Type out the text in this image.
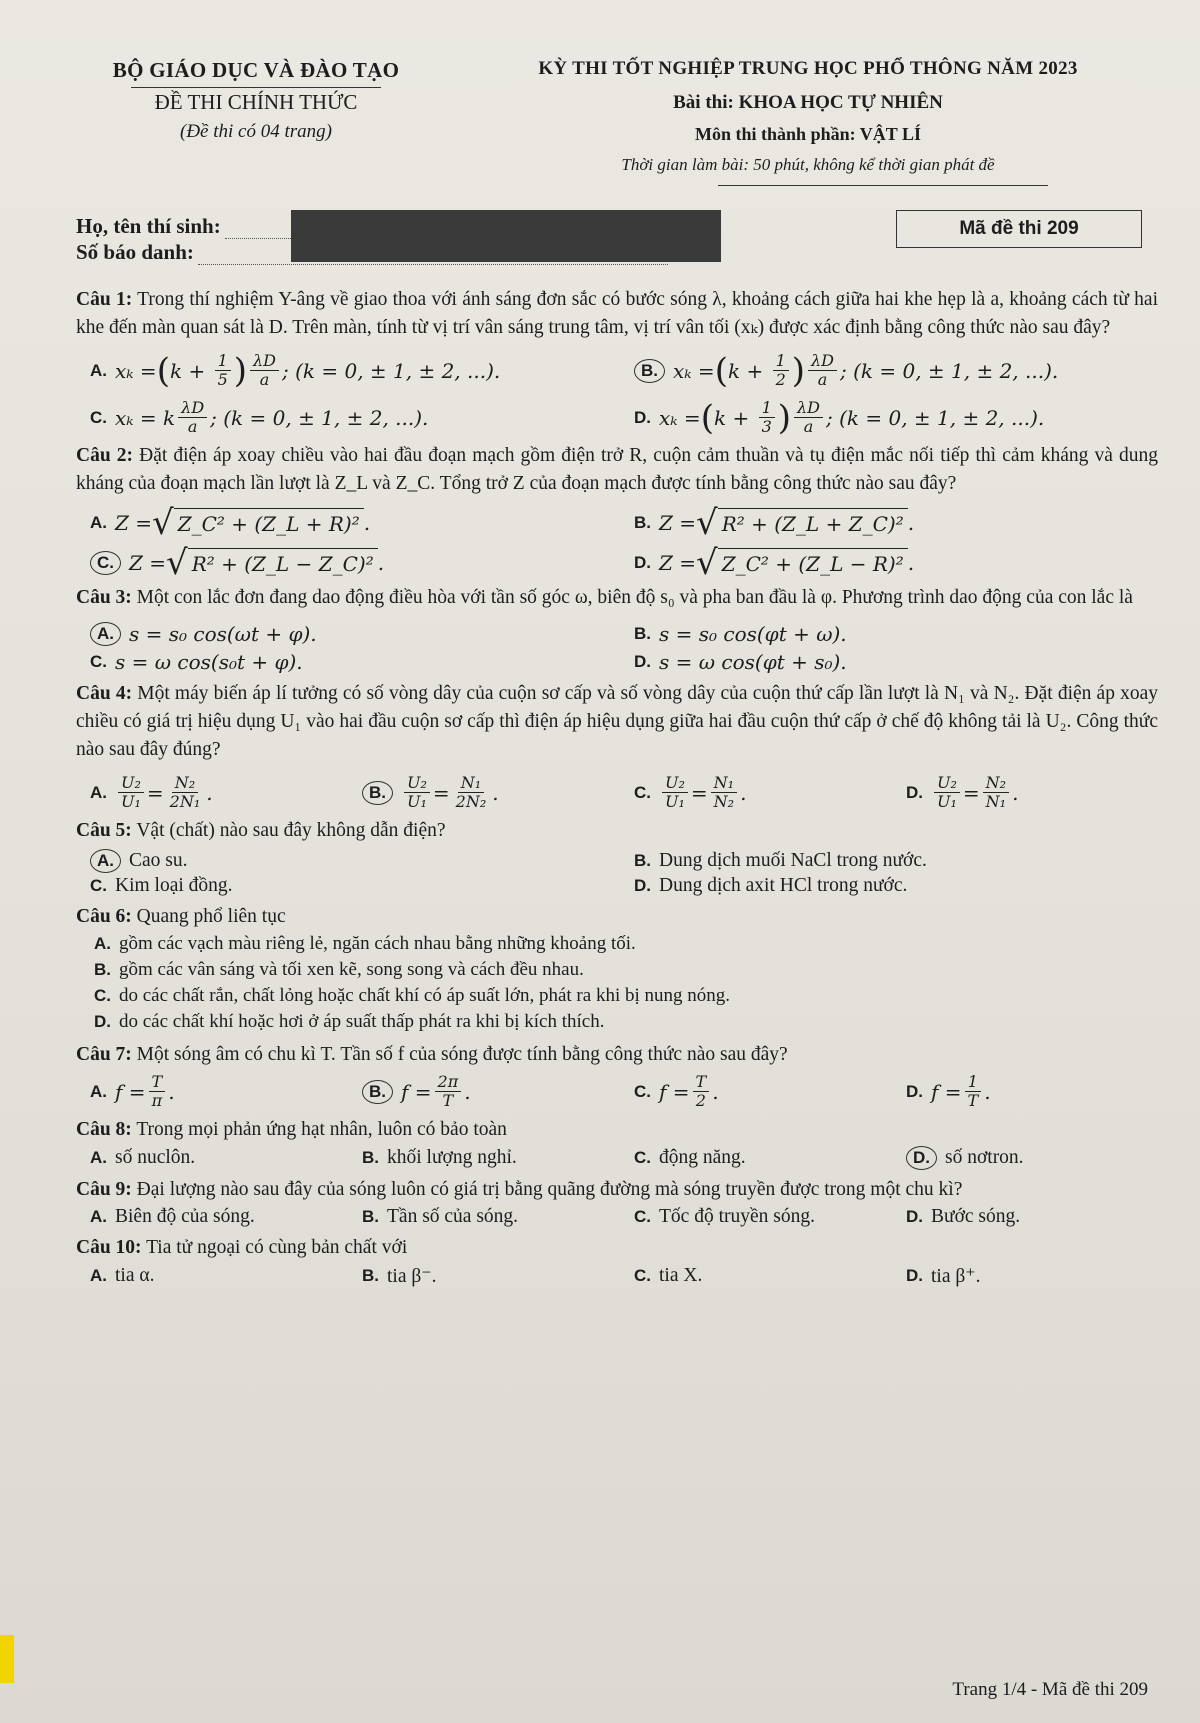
BỘ GIÁO DỤC VÀ ĐÀO TẠO
ĐỀ THI CHÍNH THỨC
(Đề thi có 04 trang)
KỲ THI TỐT NGHIỆP TRUNG HỌC PHỔ THÔNG NĂM 2023
Bài thi: KHOA HỌC TỰ NHIÊN
Môn thi thành phần: VẬT LÍ
Thời gian làm bài: 50 phút, không kể thời gian phát đề
Họ, tên thí sinh:
Số báo danh:
Mã đề thi 209
Câu 1: Trong thí nghiệm Y-âng về giao thoa với ánh sáng đơn sắc có bước sóng λ, khoảng cách giữa hai khe hẹp là a, khoảng cách từ hai khe đến màn quan sát là D. Trên màn, tính từ vị trí vân sáng trung tâm, vị trí vân tối (xₖ) được xác định bằng công thức nào sau đây?
A. xₖ = ( $k + \frac{1}{5}$ ) $\frac{\lambda D}{a}$ ; (k = 0, ± 1, ± 2, ...).	B. xₖ = ( $k + \frac{1}{2}$ ) $\frac{\lambda D}{a}$ ; (k = 0, ± 1, ± 2, ...).
C. xₖ = k $\frac{\lambda D}{a}$ ; (k = 0, ± 1, ± 2, ...).	D. xₖ = ( $k + \frac{1}{3}$ ) $\frac{\lambda D}{a}$ ; (k = 0, ± 1, ± 2, ...).
Câu 2: Đặt điện áp xoay chiều vào hai đầu đoạn mạch gồm điện trở R, cuộn cảm thuần và tụ điện mắc nối tiếp thì cảm kháng và dung kháng của đoạn mạch lần lượt là Z_L và Z_C. Tổng trở Z của đoạn mạch được tính bằng công thức nào sau đây?
A. Z = √ Z_C² + (Z_L + R)² .	B. Z = √ R² + (Z_L + Z_C)² .
C. Z = √ R² + (Z_L − Z_C)² .	D. Z = √ Z_C² + (Z_L − R)² .
Câu 3: Một con lắc đơn đang dao động điều hòa với tần số góc ω, biên độ s₀ và pha ban đầu là φ. Phương trình dao động của con lắc là
A. s = s₀ cos(ωt + φ).	B. s = s₀ cos(φt + ω).
C. s = ω cos(s₀t + φ).	D. s = ω cos(φt + s₀).
Câu 4: Một máy biến áp lí tưởng có số vòng dây của cuộn sơ cấp và số vòng dây của cuộn thứ cấp lần lượt là N₁ và N₂. Đặt điện áp xoay chiều có giá trị hiệu dụng U₁ vào hai đầu cuộn sơ cấp thì điện áp hiệu dụng giữa hai đầu cuộn thứ cấp ở chế độ không tải là U₂. Công thức nào sau đây đúng?
A. $\frac{\text{U₂}}{\text{U₁}} = \frac{\text{N₂}}{\text{2N₁}}$ .	B.	$\frac{\text{U₂}}{\text{U₁}} = \frac{\text{N₁}}{\text{2N₂}}$ .	C. $\frac{\text{U₂}}{\text{U₁}} = \frac{\text{N₁}}{\text{N₂}}$ .	D. $\frac{\text{U₂}}{\text{U₁}} = \frac{\text{N₂}}{\text{N₁}}$ .
Câu 5: Vật (chất) nào sau đây không dẫn điện?
A. Cao su.	B. Dung dịch muối NaCl trong nước.
C. Kim loại đồng.	D. Dung dịch axit HCl trong nước.
Câu 6: Quang phổ liên tục
A. gồm các vạch màu riêng lẻ, ngăn cách nhau bằng những khoảng tối.
B. gồm các vân sáng và tối xen kẽ, song song và cách đều nhau.
C. do các chất rắn, chất lỏng hoặc chất khí có áp suất lớn, phát ra khi bị nung nóng.
D. do các chất khí hoặc hơi ở áp suất thấp phát ra khi bị kích thích.
Câu 7: Một sóng âm có chu kì T. Tần số f của sóng được tính bằng công thức nào sau đây?
A. $f = \frac{T}{\pi}$ .	B. $f = \frac{2\pi}{T}$ .	C. $f = \frac{T}{2}$ .	D. $f = \frac{1}{T}$ .
Câu 8: Trong mọi phản ứng hạt nhân, luôn có bảo toàn
A. số nuclôn.	B. khối lượng nghỉ.	C. động năng.	D. số nơtron.
Câu 9: Đại lượng nào sau đây của sóng luôn có giá trị bằng quãng đường mà sóng truyền được trong một chu kì?
A. Biên độ của sóng.	B. Tần số của sóng.	C. Tốc độ truyền sóng.	D. Bước sóng.
Câu 10: Tia tử ngoại có cùng bản chất với
A. tia α.	B. tia β⁻.	C. tia X.	D. tia β⁺.
Trang 1/4 - Mã đề thi 209
